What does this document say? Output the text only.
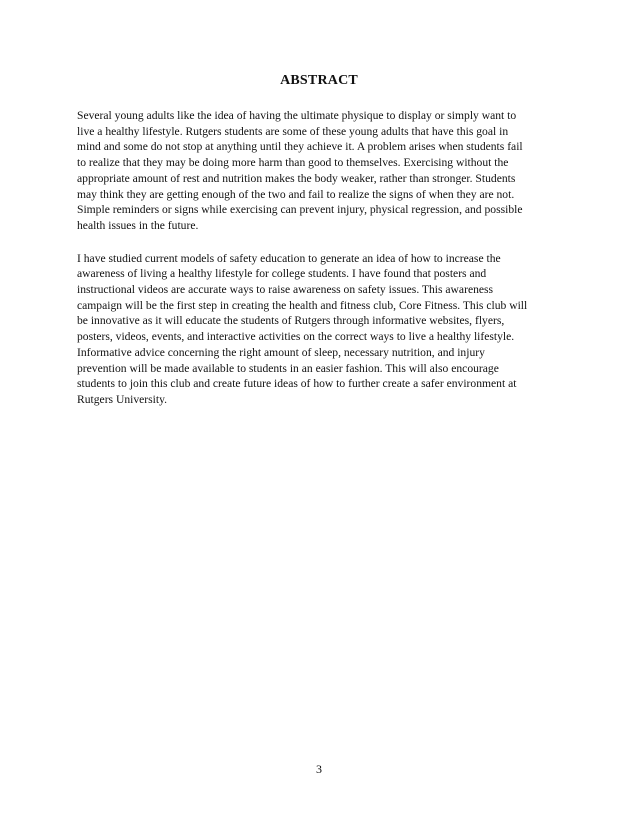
ABSTRACT

Several young adults like the idea of having the ultimate physique to display or simply want to
live a healthy lifestyle. Rutgers students are some of these young adults that have this goal in
mind and some do not stop at anything until they achieve it. A problem arises when students fail
to realize that they may be doing more harm than good to themselves. Exercising without the
appropriate amount of rest and nutrition makes the body weaker, rather than stronger. Students
may think they are getting enough of the two and fail to realize the signs of when they are not.
Simple reminders or signs while exercising can prevent injury, physical regression, and possible
health issues in the future.

I have studied current models of safety education to generate an idea of how to increase the
awareness of living a healthy lifestyle for college students. I have found that posters and
instructional videos are accurate ways to raise awareness on safety issues. This awareness
campaign will be the first step in creating the health and fitness club, Core Fitness. This club will
be innovative as it will educate the students of Rutgers through informative websites, flyers,
posters, videos, events, and interactive activities on the correct ways to live a healthy lifestyle.
Informative advice concerning the right amount of sleep, necessary nutrition, and injury
prevention will be made available to students in an easier fashion. This will also encourage
students to join this club and create future ideas of how to further create a safer environment at
Rutgers University.

3
